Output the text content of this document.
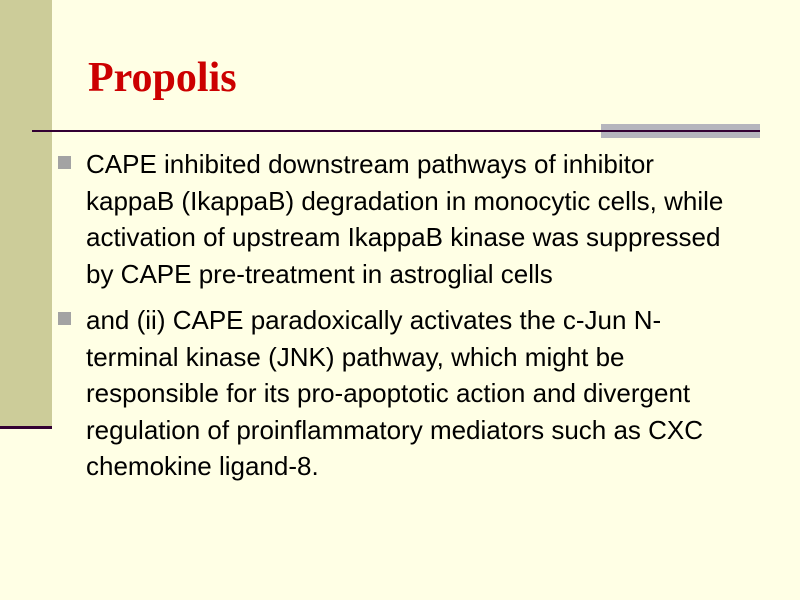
Propolis
CAPE inhibited downstream pathways of inhibitor kappaB (IkappaB) degradation in monocytic cells, while activation of upstream IkappaB kinase was suppressed by CAPE pre-treatment in astroglial cells
and (ii) CAPE paradoxically activates the c-Jun N-terminal kinase (JNK) pathway, which might be responsible for its pro-apoptotic action and divergent regulation of proinflammatory mediators such as CXC chemokine ligand-8.
